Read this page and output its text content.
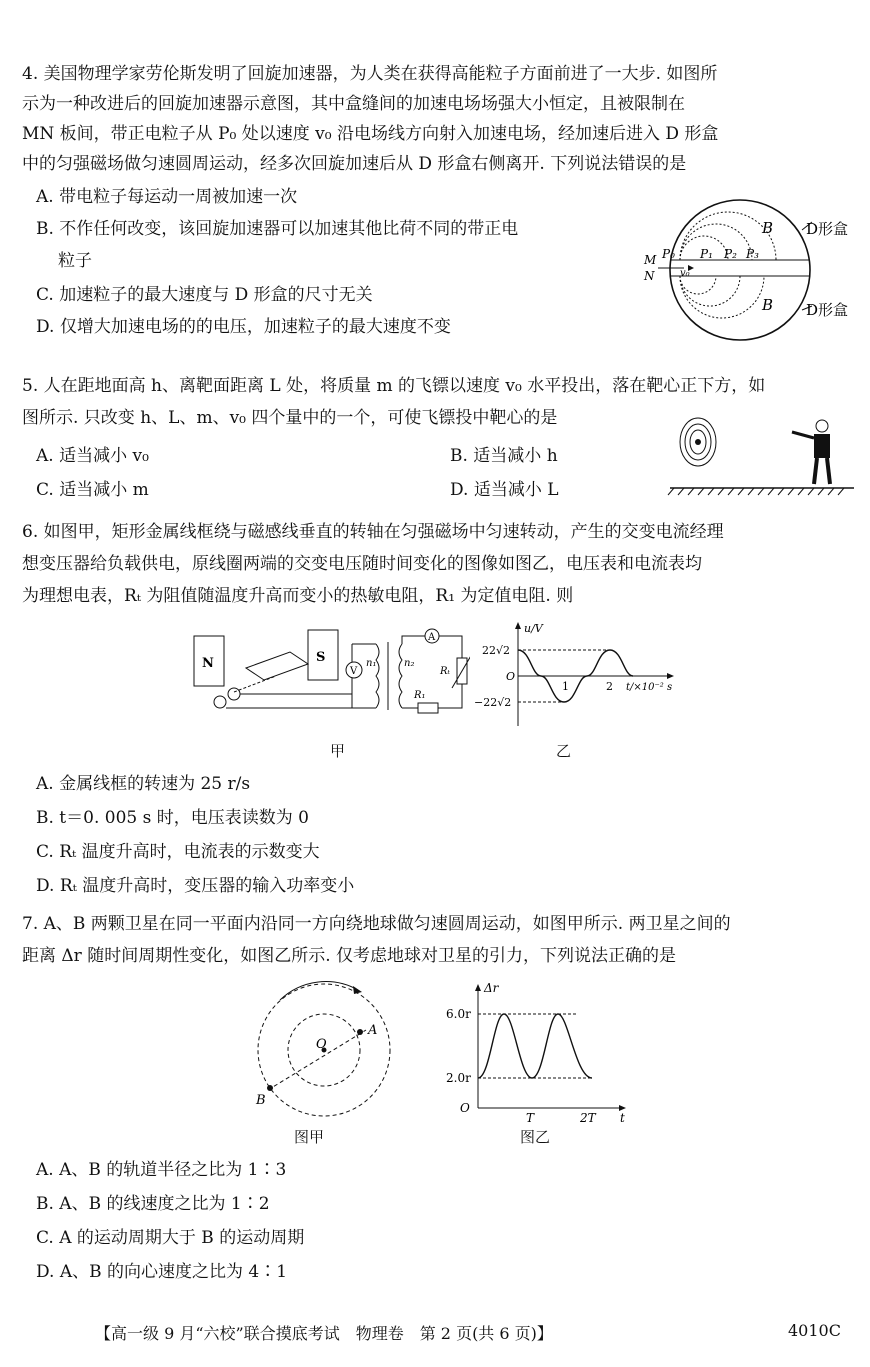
4. 美国物理学家劳伦斯发明了回旋加速器，为人类在获得高能粒子方面前进了一大步. 如图所
示为一种改进后的回旋加速器示意图，其中盒缝间的加速电场场强大小恒定，且被限制在
MN 板间，带正电粒子从 P₀ 处以速度 v₀ 沿电场线方向射入加速电场，经加速后进入 D 形盒
中的匀强磁场做匀速圆周运动，经多次回旋加速后从 D 形盒右侧离开. 下列说法错误的是
A. 带电粒子每运动一周被加速一次
B. 不作任何改变，该回旋加速器可以加速其他比荷不同的带正电
粒子
C. 加速粒子的最大速度与 D 形盒的尺寸无关
D. 仅增大加速电场的的电压，加速粒子的最大速度不变
B
B
D形盒
D形盒
M
N
P₀
v₀
P₁ P₂ P₃
5. 人在距地面高 h、离靶面距离 L 处，将质量 m 的飞镖以速度 v₀ 水平投出，落在靶心正下方，如
图所示. 只改变 h、L、m、v₀ 四个量中的一个，可使飞镖投中靶心的是
A. 适当减小 v₀	B. 适当减小 h
C. 适当减小 m	D. 适当减小 L
6. 如图甲，矩形金属线框绕与磁感线垂直的转轴在匀强磁场中匀速转动，产生的交变电流经理
想变压器给负载供电，原线圈两端的交变电压随时间变化的图像如图乙，电压表和电流表均
为理想电表，Rₜ 为阻值随温度升高而变小的热敏电阻，R₁ 为定值电阻. 则
N	S
V
n₁	n₂
A
Rₜ
R₁
甲
u/V
22√2
−22√2
O
1	2 t/×10⁻² s
乙
A. 金属线框的转速为 25 r/s
B. t＝0. 005 s 时，电压表读数为 0
C. Rₜ 温度升高时，电流表的示数变大
D. Rₜ 温度升高时，变压器的输入功率变小
7. A、B 两颗卫星在同一平面内沿同一方向绕地球做匀速圆周运动，如图甲所示. 两卫星之间的
距离 Δr 随时间周期性变化，如图乙所示. 仅考虑地球对卫星的引力，下列说法正确的是
O
A
B
图甲
Δr
6.0r
2.0r
O
T	2T t
图乙
A. A、B 的轨道半径之比为 1∶3
B. A、B 的线速度之比为 1∶2
C. A 的运动周期大于 B 的运动周期
D. A、B 的向心速度之比为 4∶1
【高一级 9 月“六校”联合摸底考试　物理卷　第 2 页(共 6 页)】	4010C
